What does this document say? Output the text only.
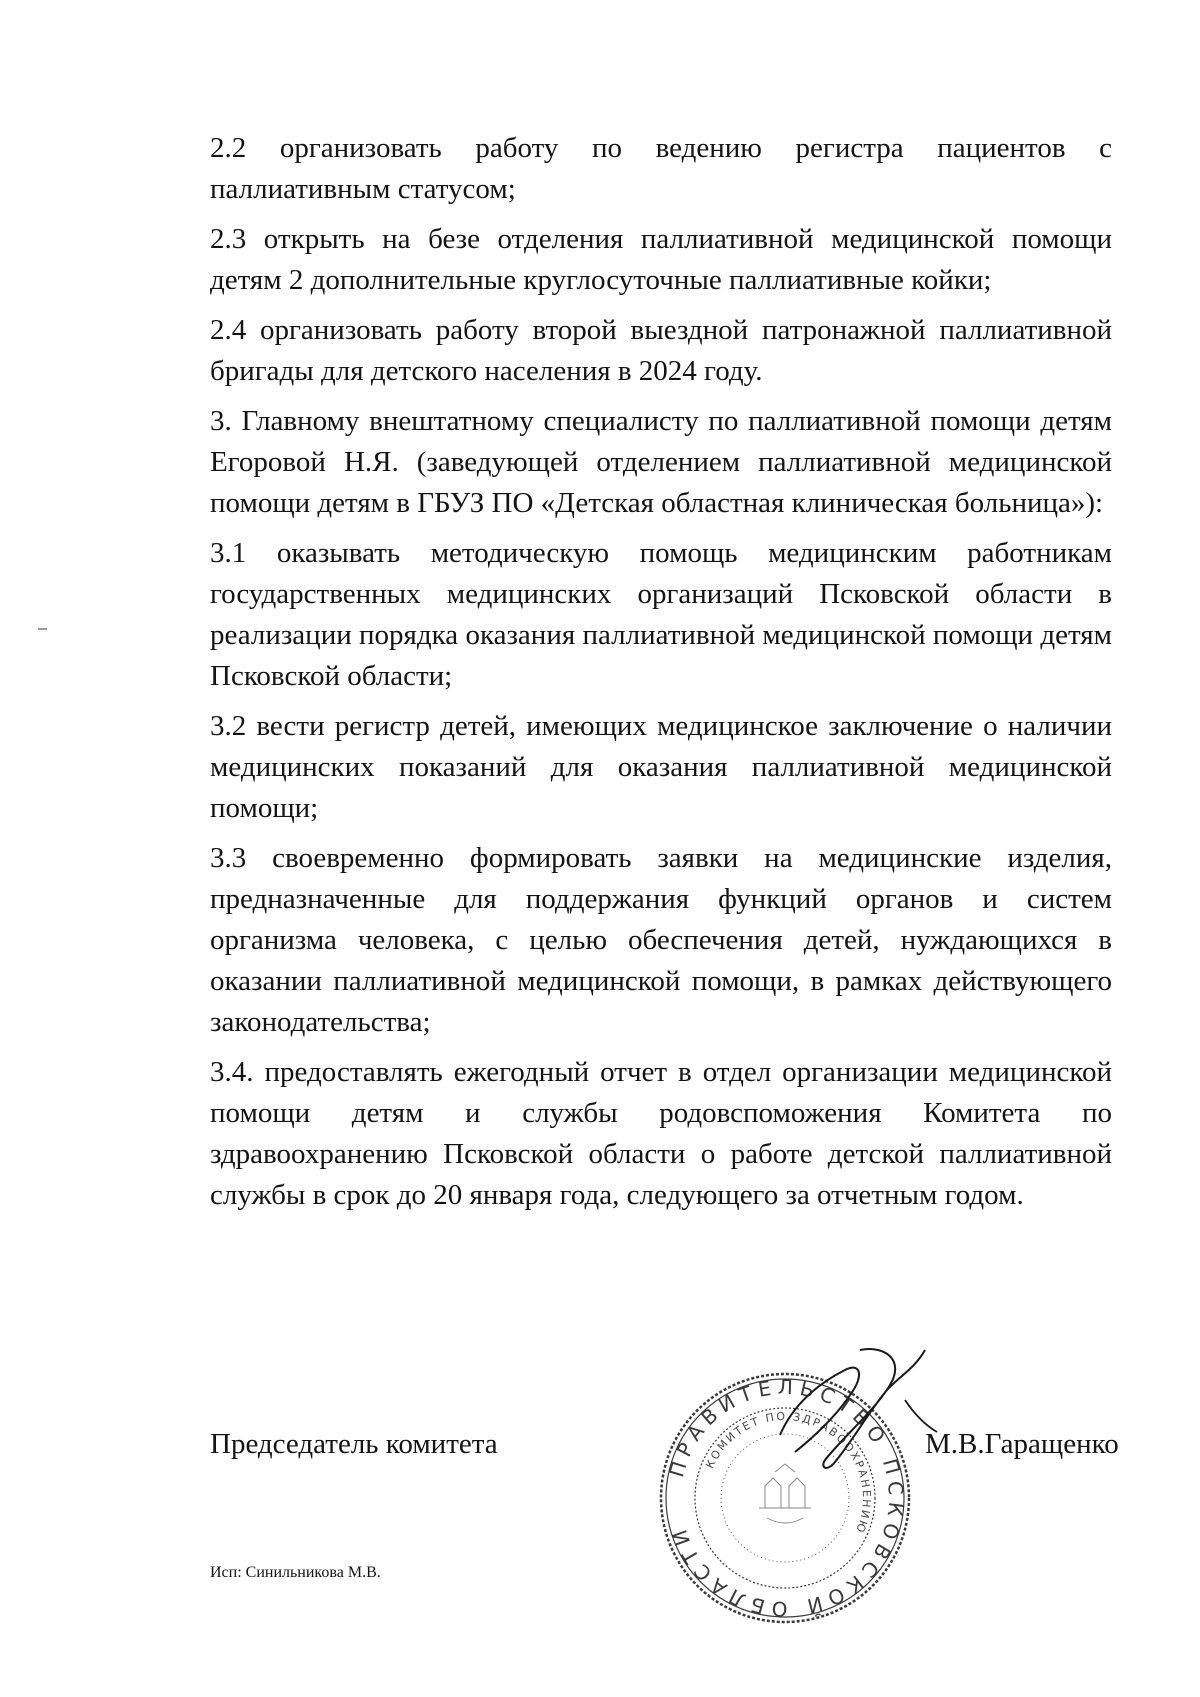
2.2 организовать работу по ведению регистра пациентов с паллиативным статусом;

2.3 открыть на безе отделения паллиативной медицинской помощи детям 2 дополнительные круглосуточные паллиативные койки;

2.4 организовать работу второй выездной патронажной паллиативной бригады для детского населения в 2024 году.

3. Главному внештатному специалисту по паллиативной помощи детям Егоровой Н.Я. (заведующей отделением паллиативной медицинской помощи детям в ГБУЗ ПО «Детская областная клиническая больница»):

3.1 оказывать методическую помощь медицинским работникам государственных медицинских организаций Псковской области в реализации порядка оказания паллиативной медицинской помощи детям Псковской области;

3.2 вести регистр детей, имеющих медицинское заключение о наличии медицинских показаний для оказания паллиативной медицинской помощи;

3.3 своевременно формировать заявки на медицинские изделия, предназначенные для поддержания функций органов и систем организма человека, с целью обеспечения детей, нуждающихся в оказании паллиативной медицинской помощи, в рамках действующего законодательства;

3.4. предоставлять ежегодный отчет в отдел организации медицинской помощи детям и службы родовспоможения Комитета по здравоохранению Псковской области о работе детской паллиативной службы в срок до 20 января года, следующего за отчетным годом.

Председатель комитета
ПРАВИТЕЛЬСТВО ПСКОВСКОЙ ОБЛАСТИ
КОМИТЕТ ПО ЗДРАВООХРАНЕНИЮ
М.В.Гаращенко
Исп: Синильникова М.В.
